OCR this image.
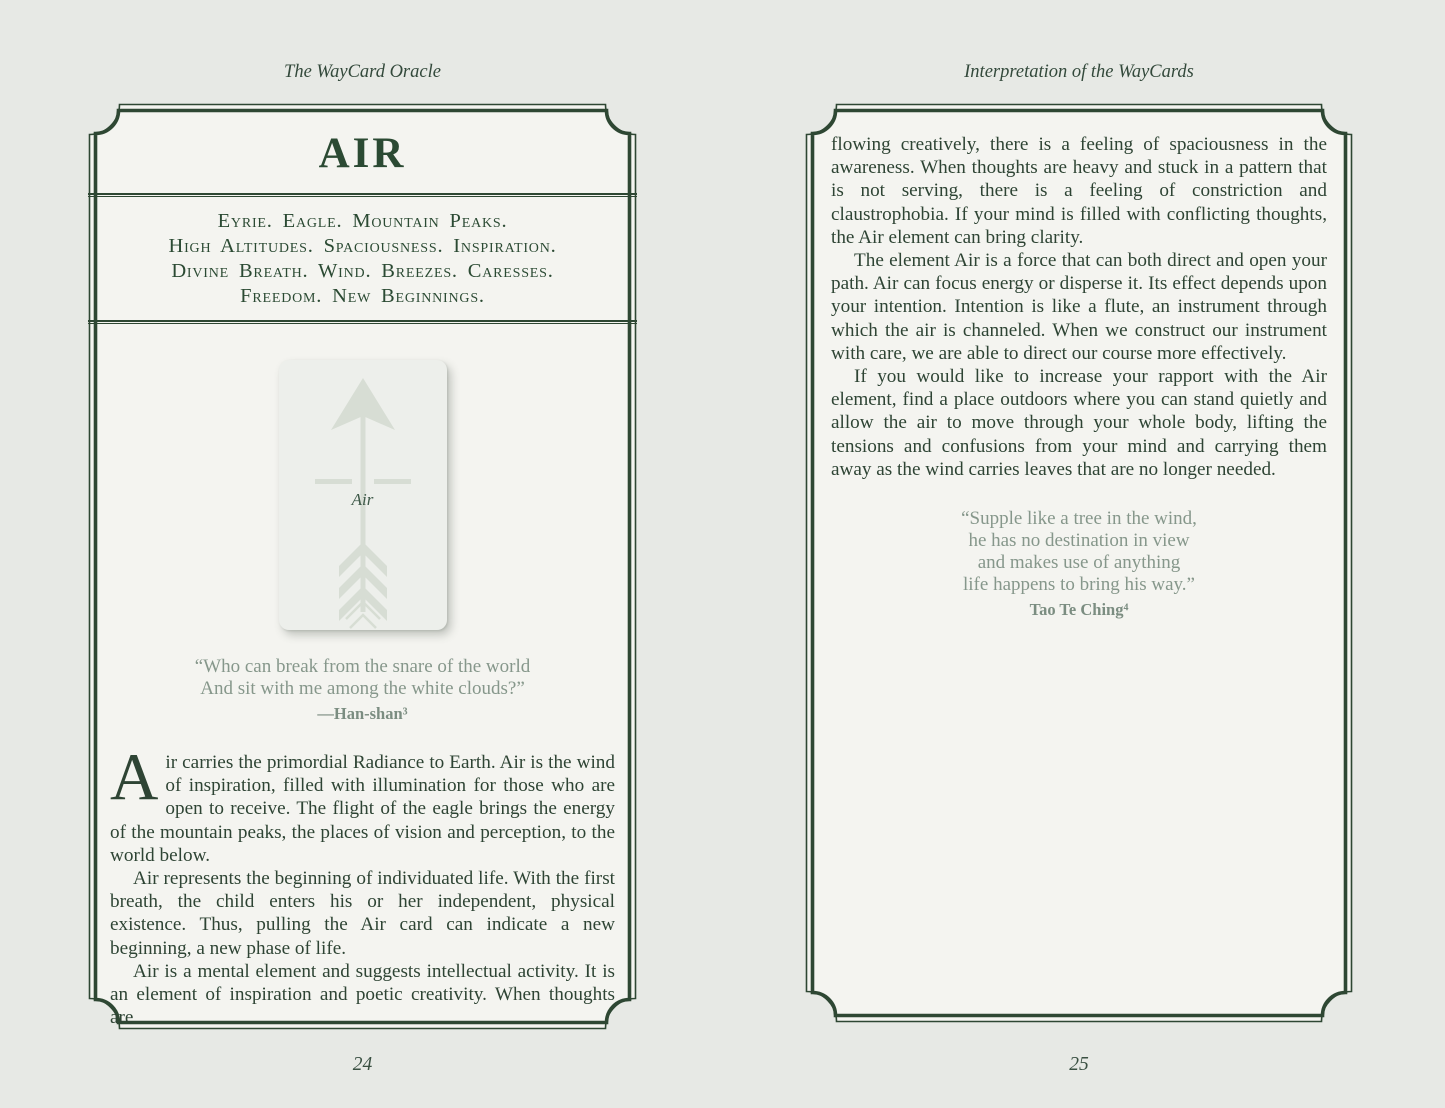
The WayCard Oracle
AIR
Eyrie. Eagle. Mountain Peaks.
High Altitudes. Spaciousness. Inspiration.
Divine Breath. Wind. Breezes. Caresses.
Freedom. New Beginnings.
Air
“Who can break from the snare of the world
And sit with me among the white clouds?”
—Han-shan³

Air carries the primordial Radiance to Earth. Air is the wind of inspiration, filled with illumination for those who are open to receive. The flight of the eagle brings the energy of the mountain peaks, the places of vision and perception, to the world below.

Air represents the beginning of individuated life. With the first breath, the child enters his or her independent, physical existence. Thus, pulling the Air card can indicate a new beginning, a new phase of life.

Air is a mental element and suggests intellectual activity. It is an element of inspiration and poetic creativity. When thoughts are

24
Interpretation of the WayCards

flowing creatively, there is a feeling of spaciousness in the awareness. When thoughts are heavy and stuck in a pattern that is not serving, there is a feeling of constriction and claustrophobia. If your mind is filled with conflicting thoughts, the Air element can bring clarity.

The element Air is a force that can both direct and open your path. Air can focus energy or disperse it. Its effect depends upon your intention. Intention is like a flute, an instrument through which the air is channeled. When we construct our instrument with care, we are able to direct our course more effectively.

If you would like to increase your rapport with the Air element, find a place outdoors where you can stand quietly and allow the air to move through your whole body, lifting the tensions and confusions from your mind and carrying them away as the wind carries leaves that are no longer needed.

“Supple like a tree in the wind,
he has no destination in view
and makes use of anything
life happens to bring his way.”
Tao Te Ching⁴
25
